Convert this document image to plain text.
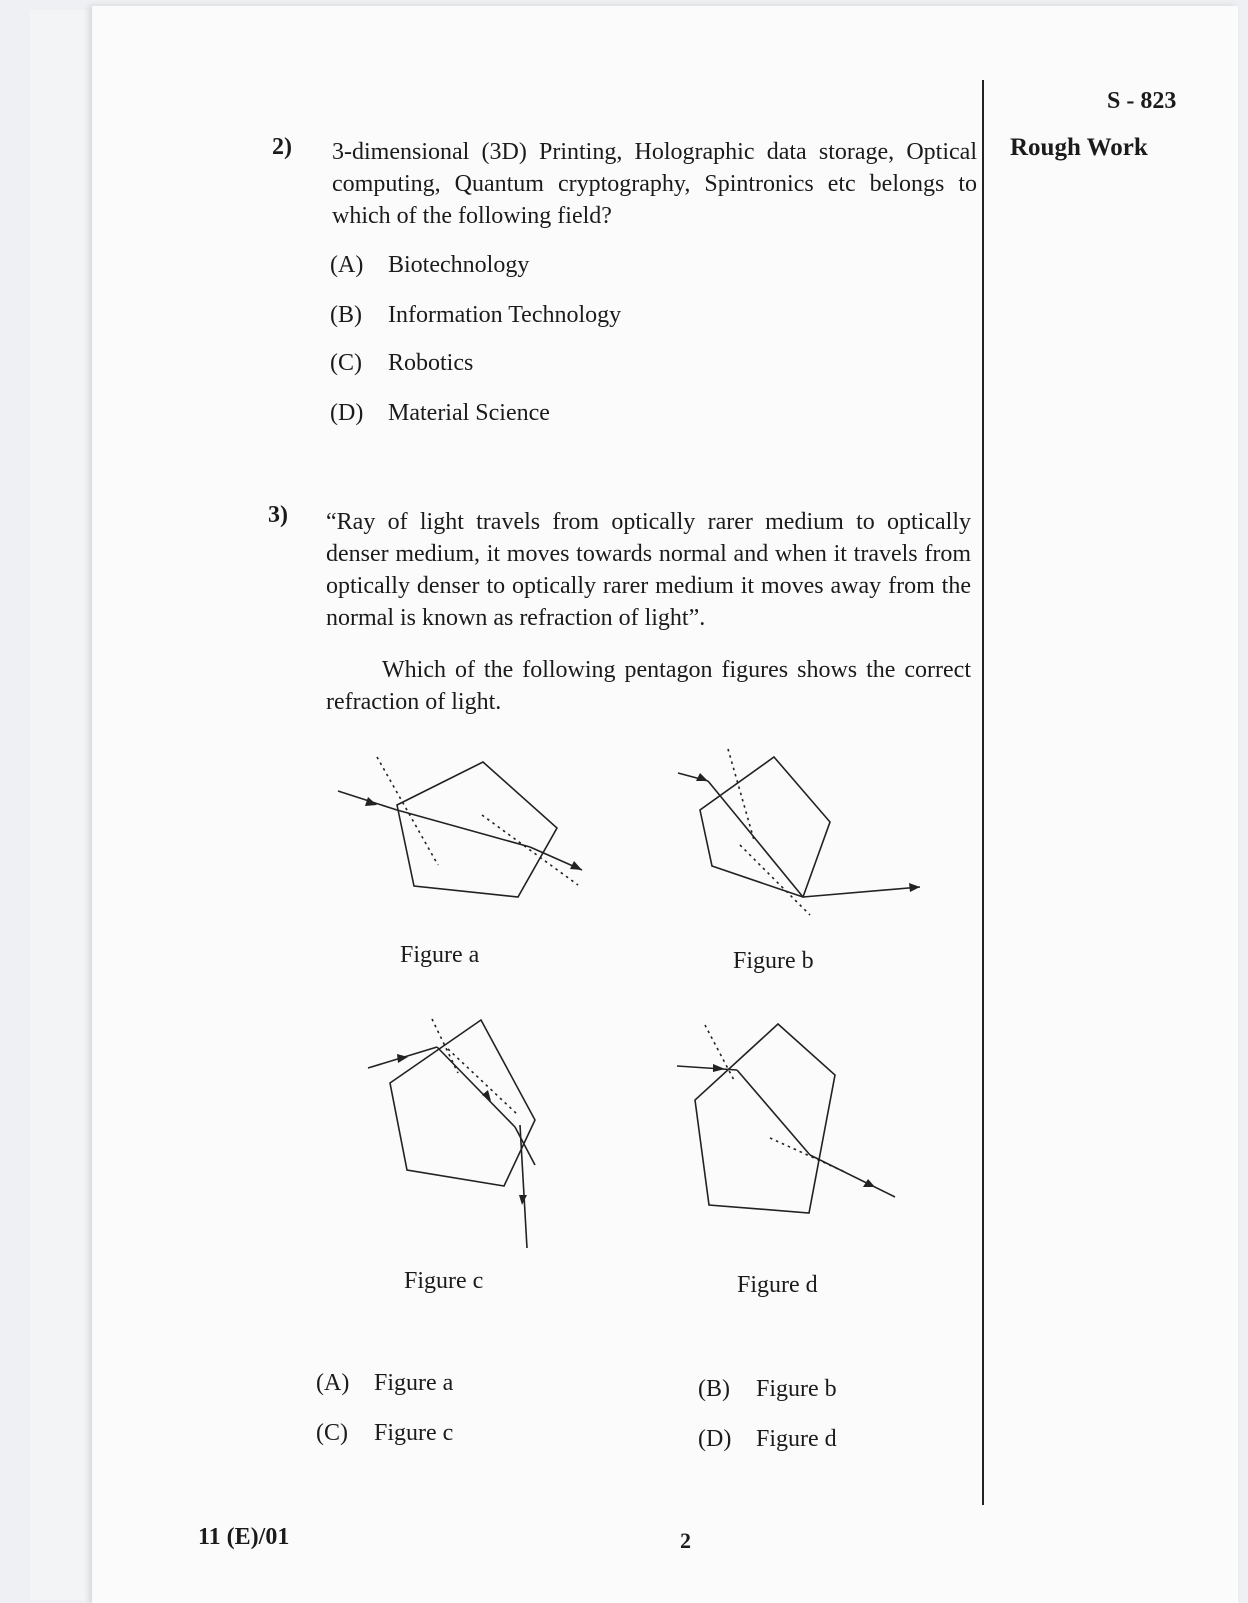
S - 823
Rough Work
2) 3-dimensional (3D) Printing, Holographic data storage, Optical computing, Quantum cryptography, Spintronics etc belongs to which of the following field?
(A) Biotechnology
(B) Information Technology
(C) Robotics
(D) Material Science
3) “Ray of light travels from optically rarer medium to optically denser medium, it moves towards normal and when it travels from optically denser to optically rarer medium it moves away from the normal is known as refraction of light”.
Which of the following pentagon figures shows the correct refraction of light.
Figure a	Figure b
Figure c	Figure d
(A) Figure a	(B) Figure b
(C) Figure c	(D) Figure d
11 (E)/01	2
